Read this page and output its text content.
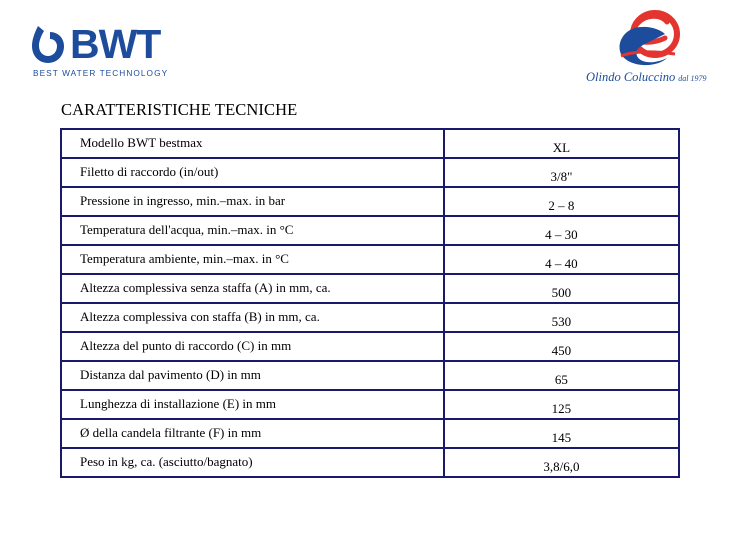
BWT
BEST WATER TECHNOLOGY	Olindo Coluccino dal 1979
CARATTERISTICHE TECNICHE
Modello BWT bestmax	XL
Filetto di raccordo (in/out)	3/8"
Pressione in ingresso, min.–max. in bar	2 – 8
Temperatura dell'acqua, min.–max. in °C	4 – 30
Temperatura ambiente, min.–max. in °C	4 – 40
Altezza complessiva senza staffa (A) in mm, ca.	500
Altezza complessiva con staffa (B) in mm, ca.	530
Altezza del punto di raccordo (C) in mm	450
Distanza dal pavimento (D) in mm	65
Lunghezza di installazione (E) in mm	125
Ø della candela filtrante (F) in mm	145
Peso in kg, ca. (asciutto/bagnato)	3,8/6,0
